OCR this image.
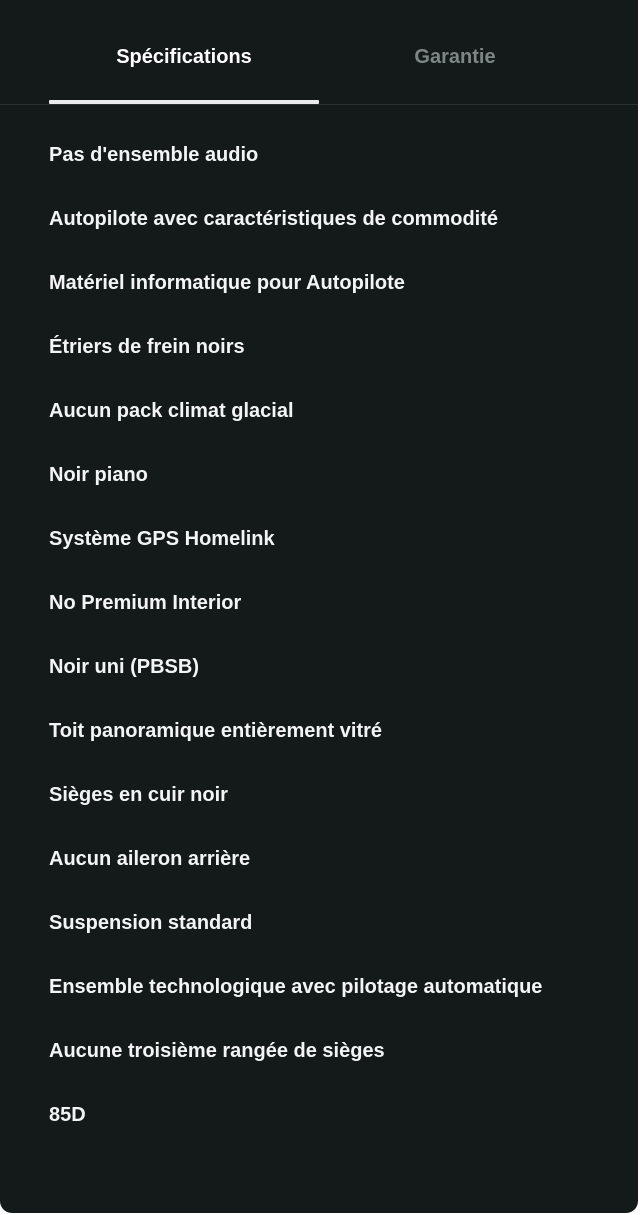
Spécifications	Garantie
Pas d'ensemble audio
Autopilote avec caractéristiques de commodité
Matériel informatique pour Autopilote
Étriers de frein noirs
Aucun pack climat glacial
Noir piano
Système GPS Homelink
No Premium Interior
Noir uni (PBSB)
Toit panoramique entièrement vitré
Sièges en cuir noir
Aucun aileron arrière
Suspension standard
Ensemble technologique avec pilotage automatique
Aucune troisième rangée de sièges
85D
